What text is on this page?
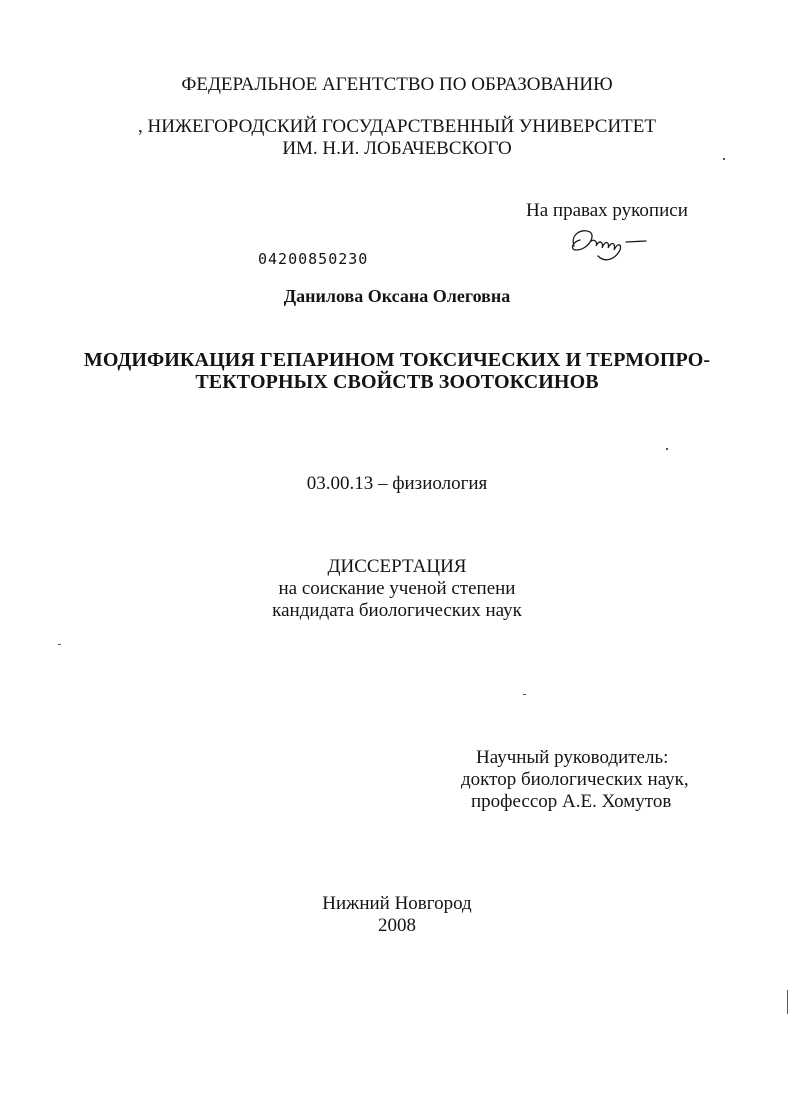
ФЕДЕРАЛЬНОЕ АГЕНТСТВО ПО ОБРАЗОВАНИЮ
, НИЖЕГОРОДСКИЙ ГОСУДАРСТВЕННЫЙ УНИВЕРСИТЕТ
ИМ. Н.И. ЛОБАЧЕВСКОГО
На правах рукописи
04200850230
Данилова Оксана Олеговна
МОДИФИКАЦИЯ ГЕПАРИНОМ ТОКСИЧЕСКИХ И ТЕРМОПРО-
ТЕКТОРНЫХ СВОЙСТВ ЗООТОКСИНОВ
03.00.13 – физиология
ДИССЕРТАЦИЯ
на соискание ученой степени
кандидата биологических наук
Научный руководитель:
доктор биологических наук,
профессор А.Е. Хомутов
Нижний Новгород
2008
